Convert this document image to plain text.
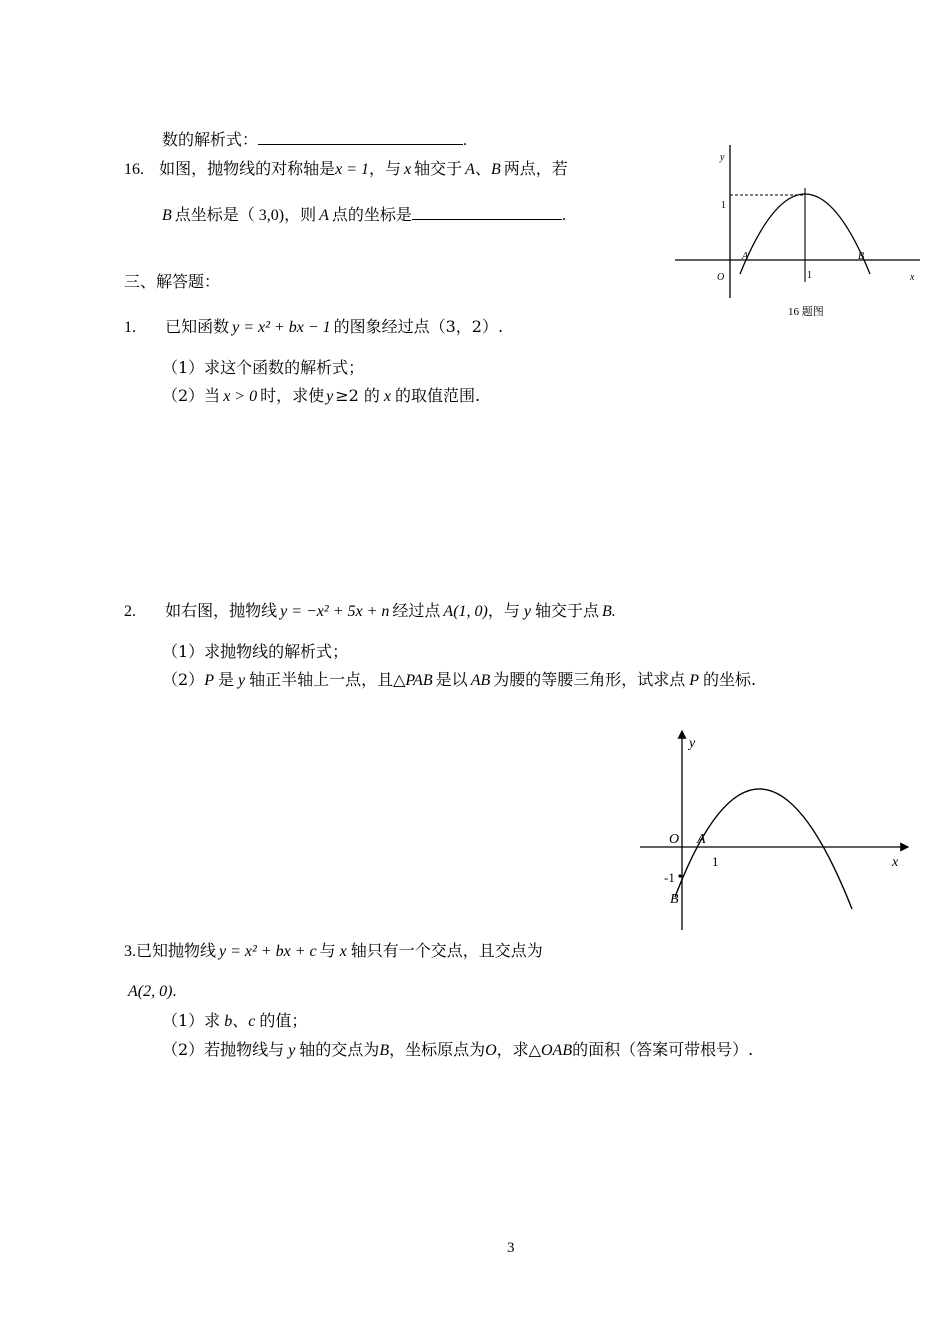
数的解析式：	.
16. 如图，抛物线的对称轴是x = 1，与 x 轴交于 A、B 两点，若
B 点坐标是（ 3,0)，则 A 点的坐标是	.
y
1
O
A
1
B
x
16 题图
三、解答题：
1. 已知函数 y = x² + bx − 1 的图象经过点（3，2）.
（1）求这个函数的解析式；
（2）当 x > 0 时，求使 y ≥2 的 x 的取值范围.
2. 如右图，抛物线 y = −x² + 5x + n 经过点 A(1, 0)，与 y 轴交于点 B.
（1）求抛物线的解析式；
（2）P 是 y 轴正半轴上一点，且△PAB 是以 AB 为腰的等腰三角形，试求点 P 的坐标.
y
O A
1	x
-1
B
3.已知抛物线 y = x² + bx + c 与 x 轴只有一个交点，且交点为
A(2, 0).
（1）求 b、c 的值；
（2）若抛物线与 y 轴的交点为B，坐标原点为O，求△OAB的面积（答案可带根号）.
3
